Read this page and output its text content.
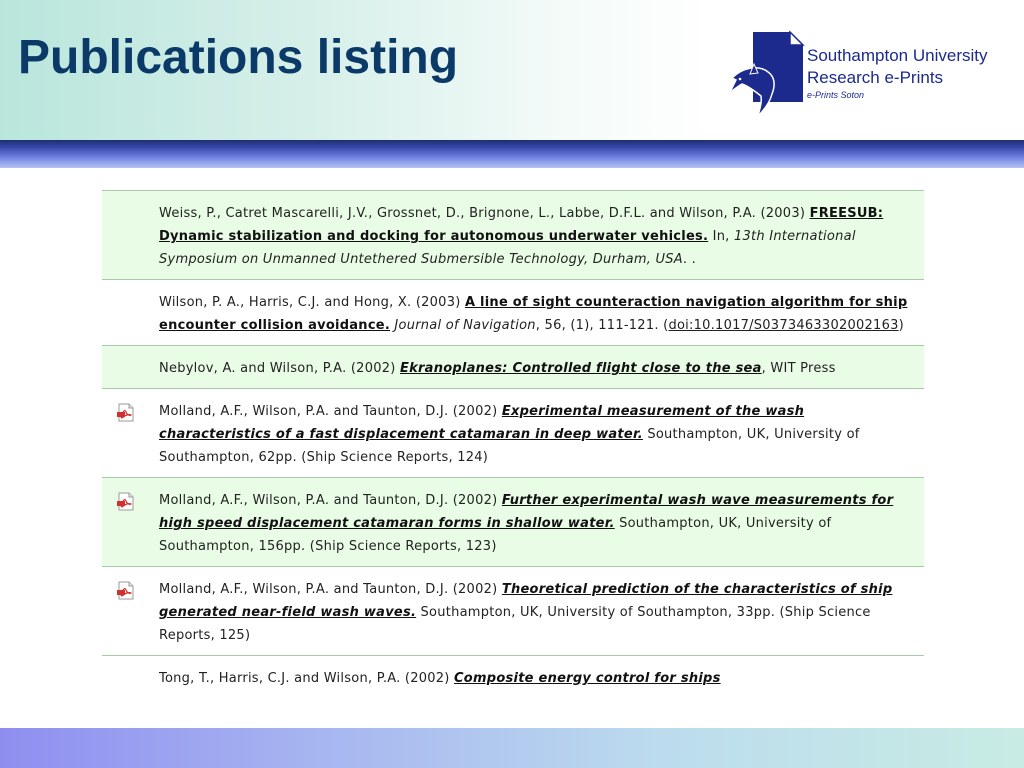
Publications listing	Southampton University
Research e-Prints
e-Prints Soton
Weiss, P., Catret Mascarelli, J.V., Grossnet, D., Brignone, L., Labbe, D.F.L. and Wilson, P.A. (2003) FREESUB: Dynamic stabilization and docking for autonomous underwater vehicles. In, 13th International Symposium on Unmanned Untethered Submersible Technology, Durham, USA. .
Wilson, P. A., Harris, C.J. and Hong, X. (2003) A line of sight counteraction navigation algorithm for ship encounter collision avoidance. Journal of Navigation, 56, (1), 111-121. (doi:10.1017/S0373463302002163)
Nebylov, A. and Wilson, P.A. (2002) Ekranoplanes: Controlled flight close to the sea, WIT Press
Molland, A.F., Wilson, P.A. and Taunton, D.J. (2002) Experimental measurement of the wash characteristics of a fast displacement catamaran in deep water. Southampton, UK, University of Southampton, 62pp. (Ship Science Reports, 124)
Molland, A.F., Wilson, P.A. and Taunton, D.J. (2002) Further experimental wash wave measurements for high speed displacement catamaran forms in shallow water. Southampton, UK, University of Southampton, 156pp. (Ship Science Reports, 123)
Molland, A.F., Wilson, P.A. and Taunton, D.J. (2002) Theoretical prediction of the characteristics of ship generated near-field wash waves. Southampton, UK, University of Southampton, 33pp. (Ship Science Reports, 125)
Tong, T., Harris, C.J. and Wilson, P.A. (2002) Composite energy control for ships
